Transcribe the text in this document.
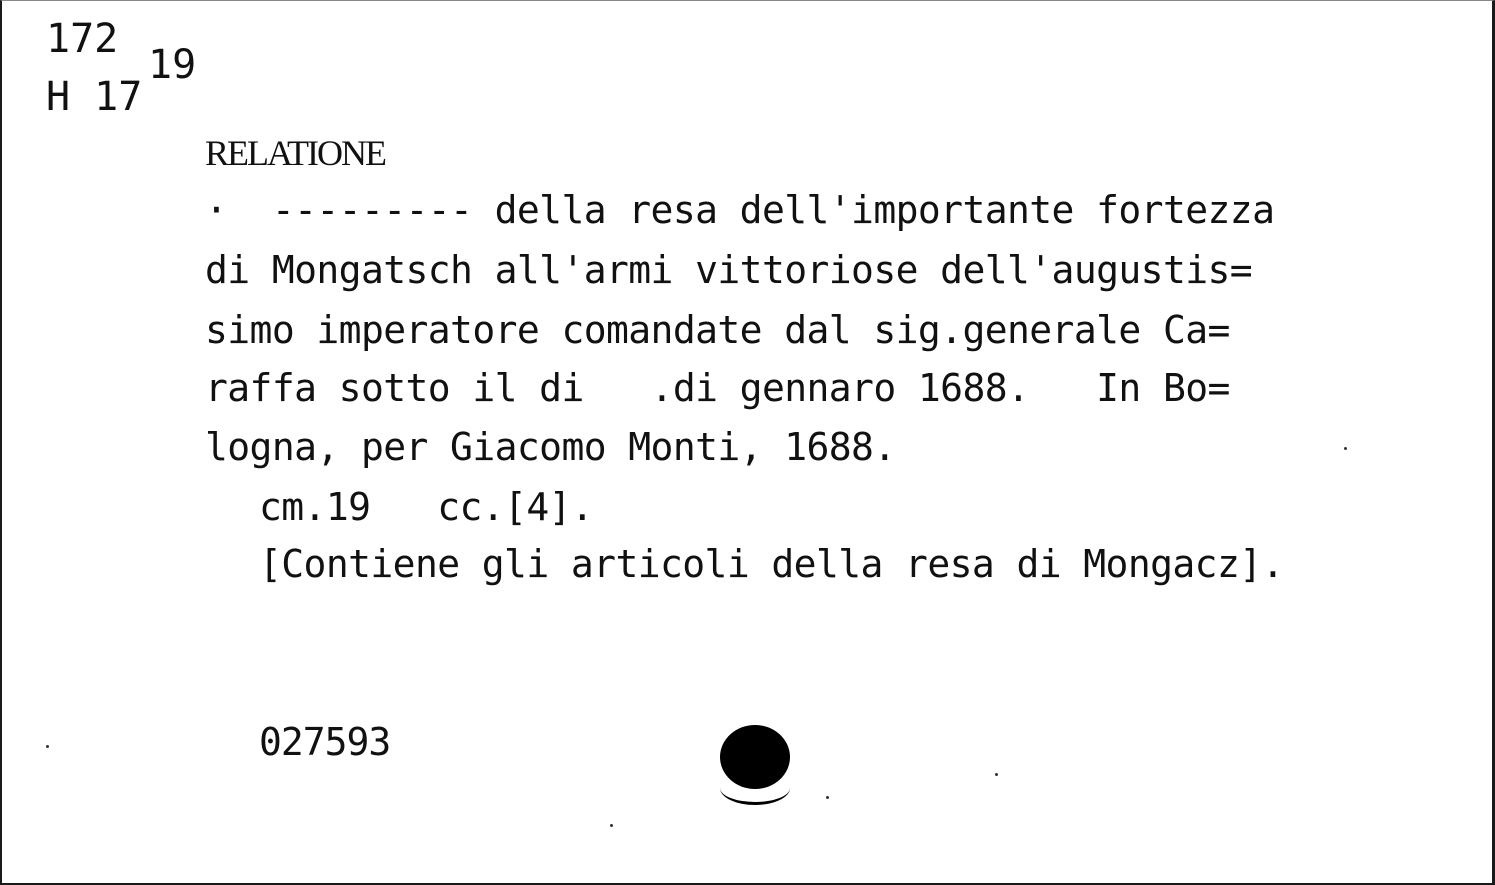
172
H 17
19
RELATIONE
·  --------- della resa dell'importante fortezza
di Mongatsch all'armi vittoriose dell'augustis=
simo imperatore comandate dal sig.generale Ca=
raffa sotto il di   .di gennaro 1688.   In Bo=
logna, per Giacomo Monti, 1688.
cm.19   cc.[4].
[Contiene gli articoli della resa di Mongacz].
027593
